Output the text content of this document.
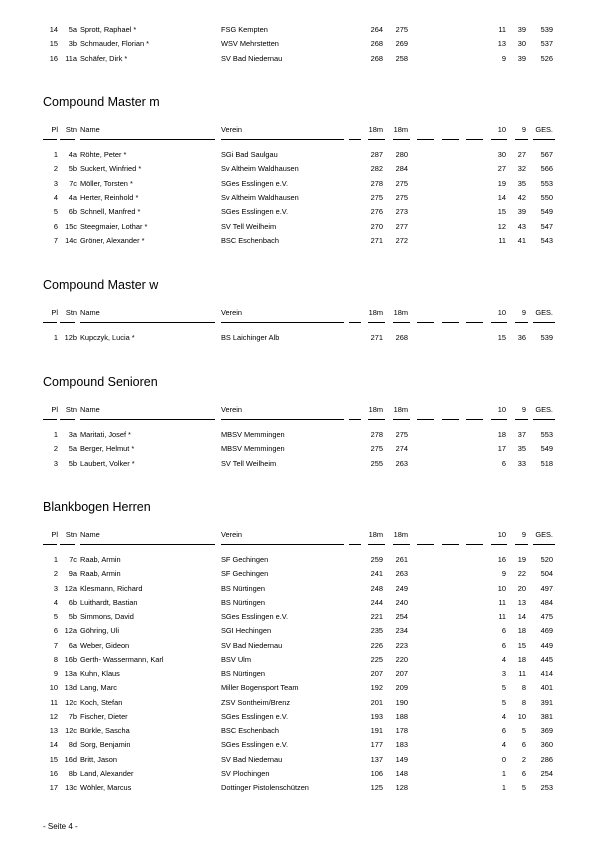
14	5a Sprott, Raphael *	FSG Kempten	264	275	11	39	539
15	3b Schmauder, Florian *	WSV Mehrstetten	268	269	13	30	537
16 11a Schäfer, Dirk *	SV Bad Niedernau	268	258	9	39	526
Compound Master m
Pl	Stn Name	Verein	18m	18m	10	9	GES.
1	4a Röhte, Peter *	SGi Bad Saulgau	287	280	30	27	567
2	5b Suckert, Winfried *	Sv Altheim Waldhausen	282	284	27	32	566
3	7c Möller, Torsten *	SGes Esslingen e.V.	278	275	19	35	553
4	4a Herter, Reinhold *	Sv Altheim Waldhausen	275	275	14	42	550
5	6b Schnell, Manfred *	SGes Esslingen e.V.	276	273	15	39	549
6 15c Steegmaier, Lothar *	SV Tell Weilheim	270	277	12	43	547
7 14c Gröner, Alexander *	BSC Eschenbach	271	272	11	41	543
Compound Master w
Pl	Stn Name	Verein	18m	18m	10	9	GES.
1 12b Kupczyk, Lucia *	BS Laichinger Alb	271	268	15	36	539
Compound Senioren
Pl	Stn Name	Verein	18m	18m	10	9	GES.
1	3a Maritati, Josef *	MBSV Memmingen	278	275	18	37	553
2	5a Berger, Helmut *	MBSV Memmingen	275	274	17	35	549
3	5b Laubert, Volker *	SV Tell Weilheim	255	263	6	33	518
Blankbogen Herren
Pl	Stn Name	Verein	18m	18m	10	9	GES.
1	7c Raab, Armin	SF Gechingen	259	261	16	19	520
2	9a Raab, Armin	SF Gechingen	241	263	9	22	504
3 12a Klesmann, Richard	BS Nürtingen	248	249	10	20	497
4	6b Luithardt, Bastian	BS Nürtingen	244	240	11	13	484
5	5b Simmons, David	SGes Esslingen e.V.	221	254	11	14	475
6 12a Göhring, Uli	SGI Hechingen	235	234	6	18	469
7	6a Weber, Gideon	SV Bad Niedernau	226	223	6	15	449
8 16b Gerth- Wassermann, Karl	BSV Ulm	225	220	4	18	445
9 13a Kuhn, Klaus	BS Nürtingen	207	207	3	11	414
10 13d Lang, Marc	Miller Bogensport Team	192	209	5	8	401
11 12c Koch, Stefan	ZSV Sontheim/Brenz	201	190	5	8	391
12	7b Fischer, Dieter	SGes Esslingen e.V.	193	188	4	10	381
13 12c Bürkle, Sascha	BSC Eschenbach	191	178	6	5	369
14	8d Sorg, Benjamin	SGes Esslingen e.V.	177	183	4	6	360
15 16d Britt, Jason	SV Bad Niedernau	137	149	0	2	286
16	8b Land, Alexander	SV Plochingen	106	148	1	6	254
17 13c Wöhler, Marcus	Dottinger Pistolenschützen	125	128	1	5	253
- Seite 4 -
